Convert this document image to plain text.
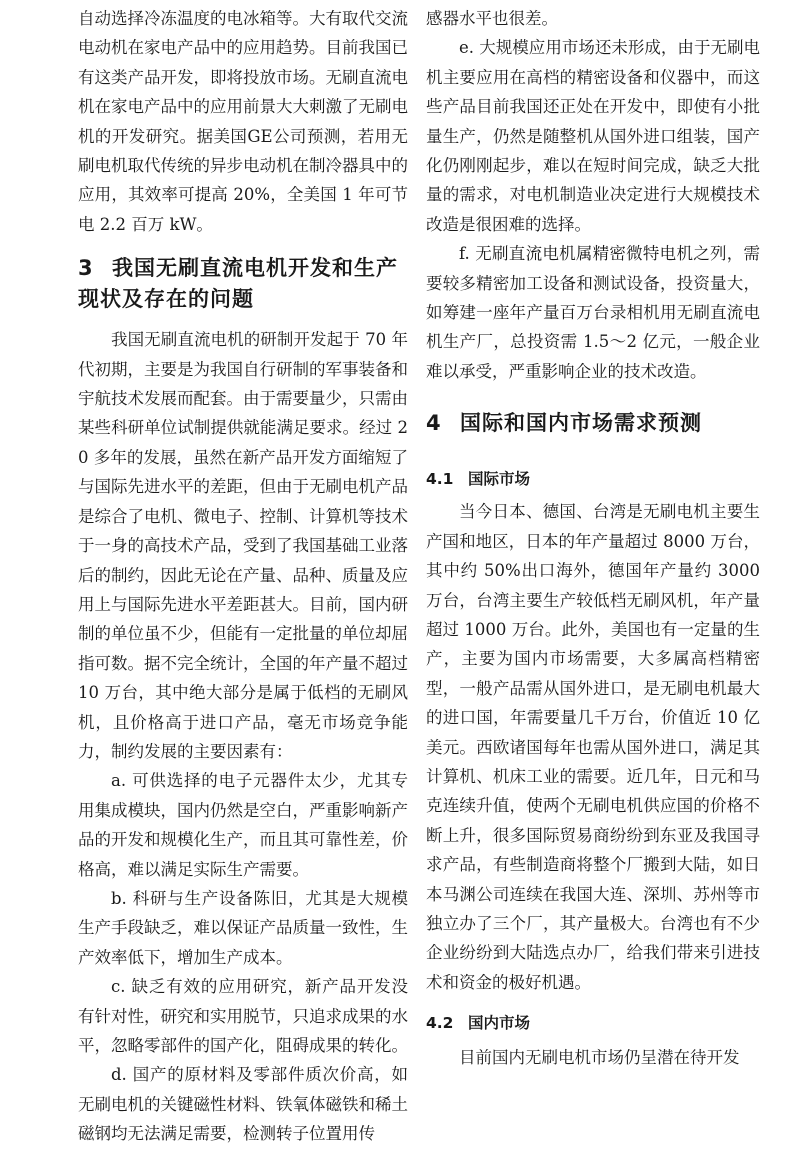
自动选择冷冻温度的电冰箱等。大有取代交流电动机在家电产品中的应用趋势。目前我国已有这类产品开发，即将投放市场。无刷直流电机在家电产品中的应用前景大大刺激了无刷电机的开发研究。据美国GE公司预测，若用无刷电机取代传统的异步电动机在制冷器具中的应用，其效率可提高 20%，全美国 1 年可节电 2.2 百万 kW。

3 我国无刷直流电机开发和生产现状及存在的问题

我国无刷直流电机的研制开发起于 70 年代初期，主要是为我国自行研制的军事装备和宇航技术发展而配套。由于需要量少，只需由某些科研单位试制提供就能满足要求。经过 20 多年的发展，虽然在新产品开发方面缩短了与国际先进水平的差距，但由于无刷电机产品是综合了电机、微电子、控制、计算机等技术于一身的高技术产品，受到了我国基础工业落后的制约，因此无论在产量、品种、质量及应用上与国际先进水平差距甚大。目前，国内研制的单位虽不少，但能有一定批量的单位却屈指可数。据不完全统计，全国的年产量不超过 10 万台，其中绝大部分是属于低档的无刷风机，且价格高于进口产品，毫无市场竞争能力，制约发展的主要因素有：

a. 可供选择的电子元器件太少，尤其专用集成模块，国内仍然是空白，严重影响新产品的开发和规模化生产，而且其可靠性差，价格高，难以满足实际生产需要。

b. 科研与生产设备陈旧，尤其是大规模生产手段缺乏，难以保证产品质量一致性，生产效率低下，增加生产成本。

c. 缺乏有效的应用研究，新产品开发没有针对性，研究和实用脱节，只追求成果的水平，忽略零部件的国产化，阻碍成果的转化。

d. 国产的原材料及零部件质次价高，如无刷电机的关键磁性材料、铁氧体磁铁和稀土磁钢均无法满足需要，检测转子位置用传

感器水平也很差。

e. 大规模应用市场还未形成，由于无刷电机主要应用在高档的精密设备和仪器中，而这些产品目前我国还正处在开发中，即使有小批量生产，仍然是随整机从国外进口组装，国产化仍刚刚起步，难以在短时间完成，缺乏大批量的需求，对电机制造业决定进行大规模技术改造是很困难的选择。

f. 无刷直流电机属精密微特电机之列，需要较多精密加工设备和测试设备，投资量大，如筹建一座年产量百万台录相机用无刷直流电机生产厂，总投资需 1.5～2 亿元，一般企业难以承受，严重影响企业的技术改造。

4 国际和国内市场需求预测
4.1 国际市场

当今日本、德国、台湾是无刷电机主要生产国和地区，日本的年产量超过 8000 万台，其中约 50%出口海外，德国年产量约 3000 万台，台湾主要生产较低档无刷风机，年产量超过 1000 万台。此外，美国也有一定量的生产，主要为国内市场需要，大多属高档精密型，一般产品需从国外进口，是无刷电机最大的进口国，年需要量几千万台，价值近 10 亿美元。西欧诸国每年也需从国外进口，满足其计算机、机床工业的需要。近几年，日元和马克连续升值，使两个无刷电机供应国的价格不断上升，很多国际贸易商纷纷到东亚及我国寻求产品，有些制造商将整个厂搬到大陆，如日本马渊公司连续在我国大连、深圳、苏州等市独立办了三个厂，其产量极大。台湾也有不少企业纷纷到大陆选点办厂，给我们带来引进技术和资金的极好机遇。

4.2 国内市场

目前国内无刷电机市场仍呈潜在待开发
